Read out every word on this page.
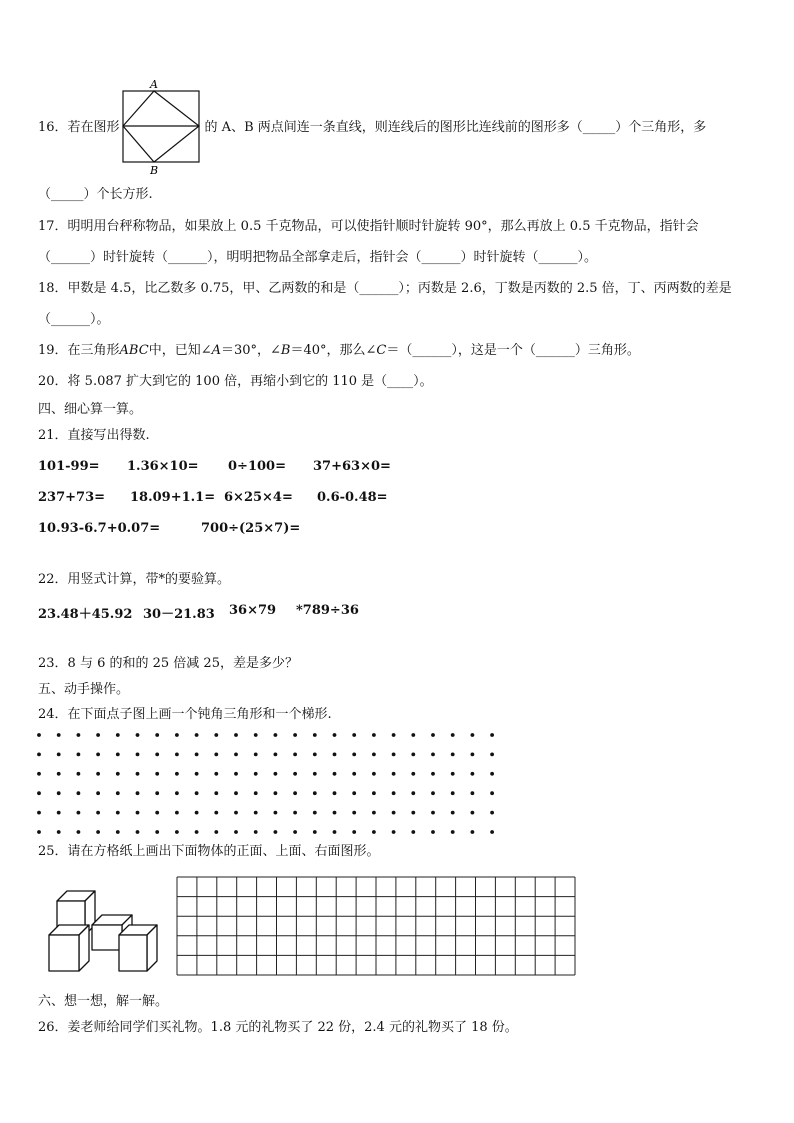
16．若在图形	的 A、B 两点间连一条直线，则连线后的图形比连线前的图形多（_____）个三角形，多
A
B
（_____）个长方形.
17．明明用台秤称物品，如果放上 0.5 千克物品，可以使指针顺时针旋转 90°，那么再放上 0.5 千克物品，指针会
（______）时针旋转（______），明明把物品全部拿走后，指针会（______）时针旋转（______）。
18．甲数是 4.5，比乙数多 0.75，甲、乙两数的和是（______）；丙数是 2.6，丁数是丙数的 2.5 倍，丁、丙两数的差是
（______）。
19．在三角形ABC中，已知∠A＝30°，∠B＝40°，那么∠C＝（______），这是一个（______）三角形。
20．将 5.087 扩大到它的 100 倍，再缩小到它的 110 是（____）。
四、细心算一算。
21．直接写出得数.
101-99= 1.36×10= 0÷100= 37+63×0=
237+73= 18.09+1.1= 6×25×4= 0.6-0.48=
10.93-6.7+0.07=	700÷(25×7)=
22．用竖式计算，带*的要验算。
23.48＋45.92 30－21.83 36×79 *789÷36
23．8 与 6 的和的 25 倍减 25，差是多少？
五、动手操作。
24．在下面点子图上画一个钝角三角形和一个梯形.
25．请在方格纸上画出下面物体的正面、上面、右面图形。
六、想一想，解一解。
26．姜老师给同学们买礼物。1.8 元的礼物买了 22 份，2.4 元的礼物买了 18 份。
